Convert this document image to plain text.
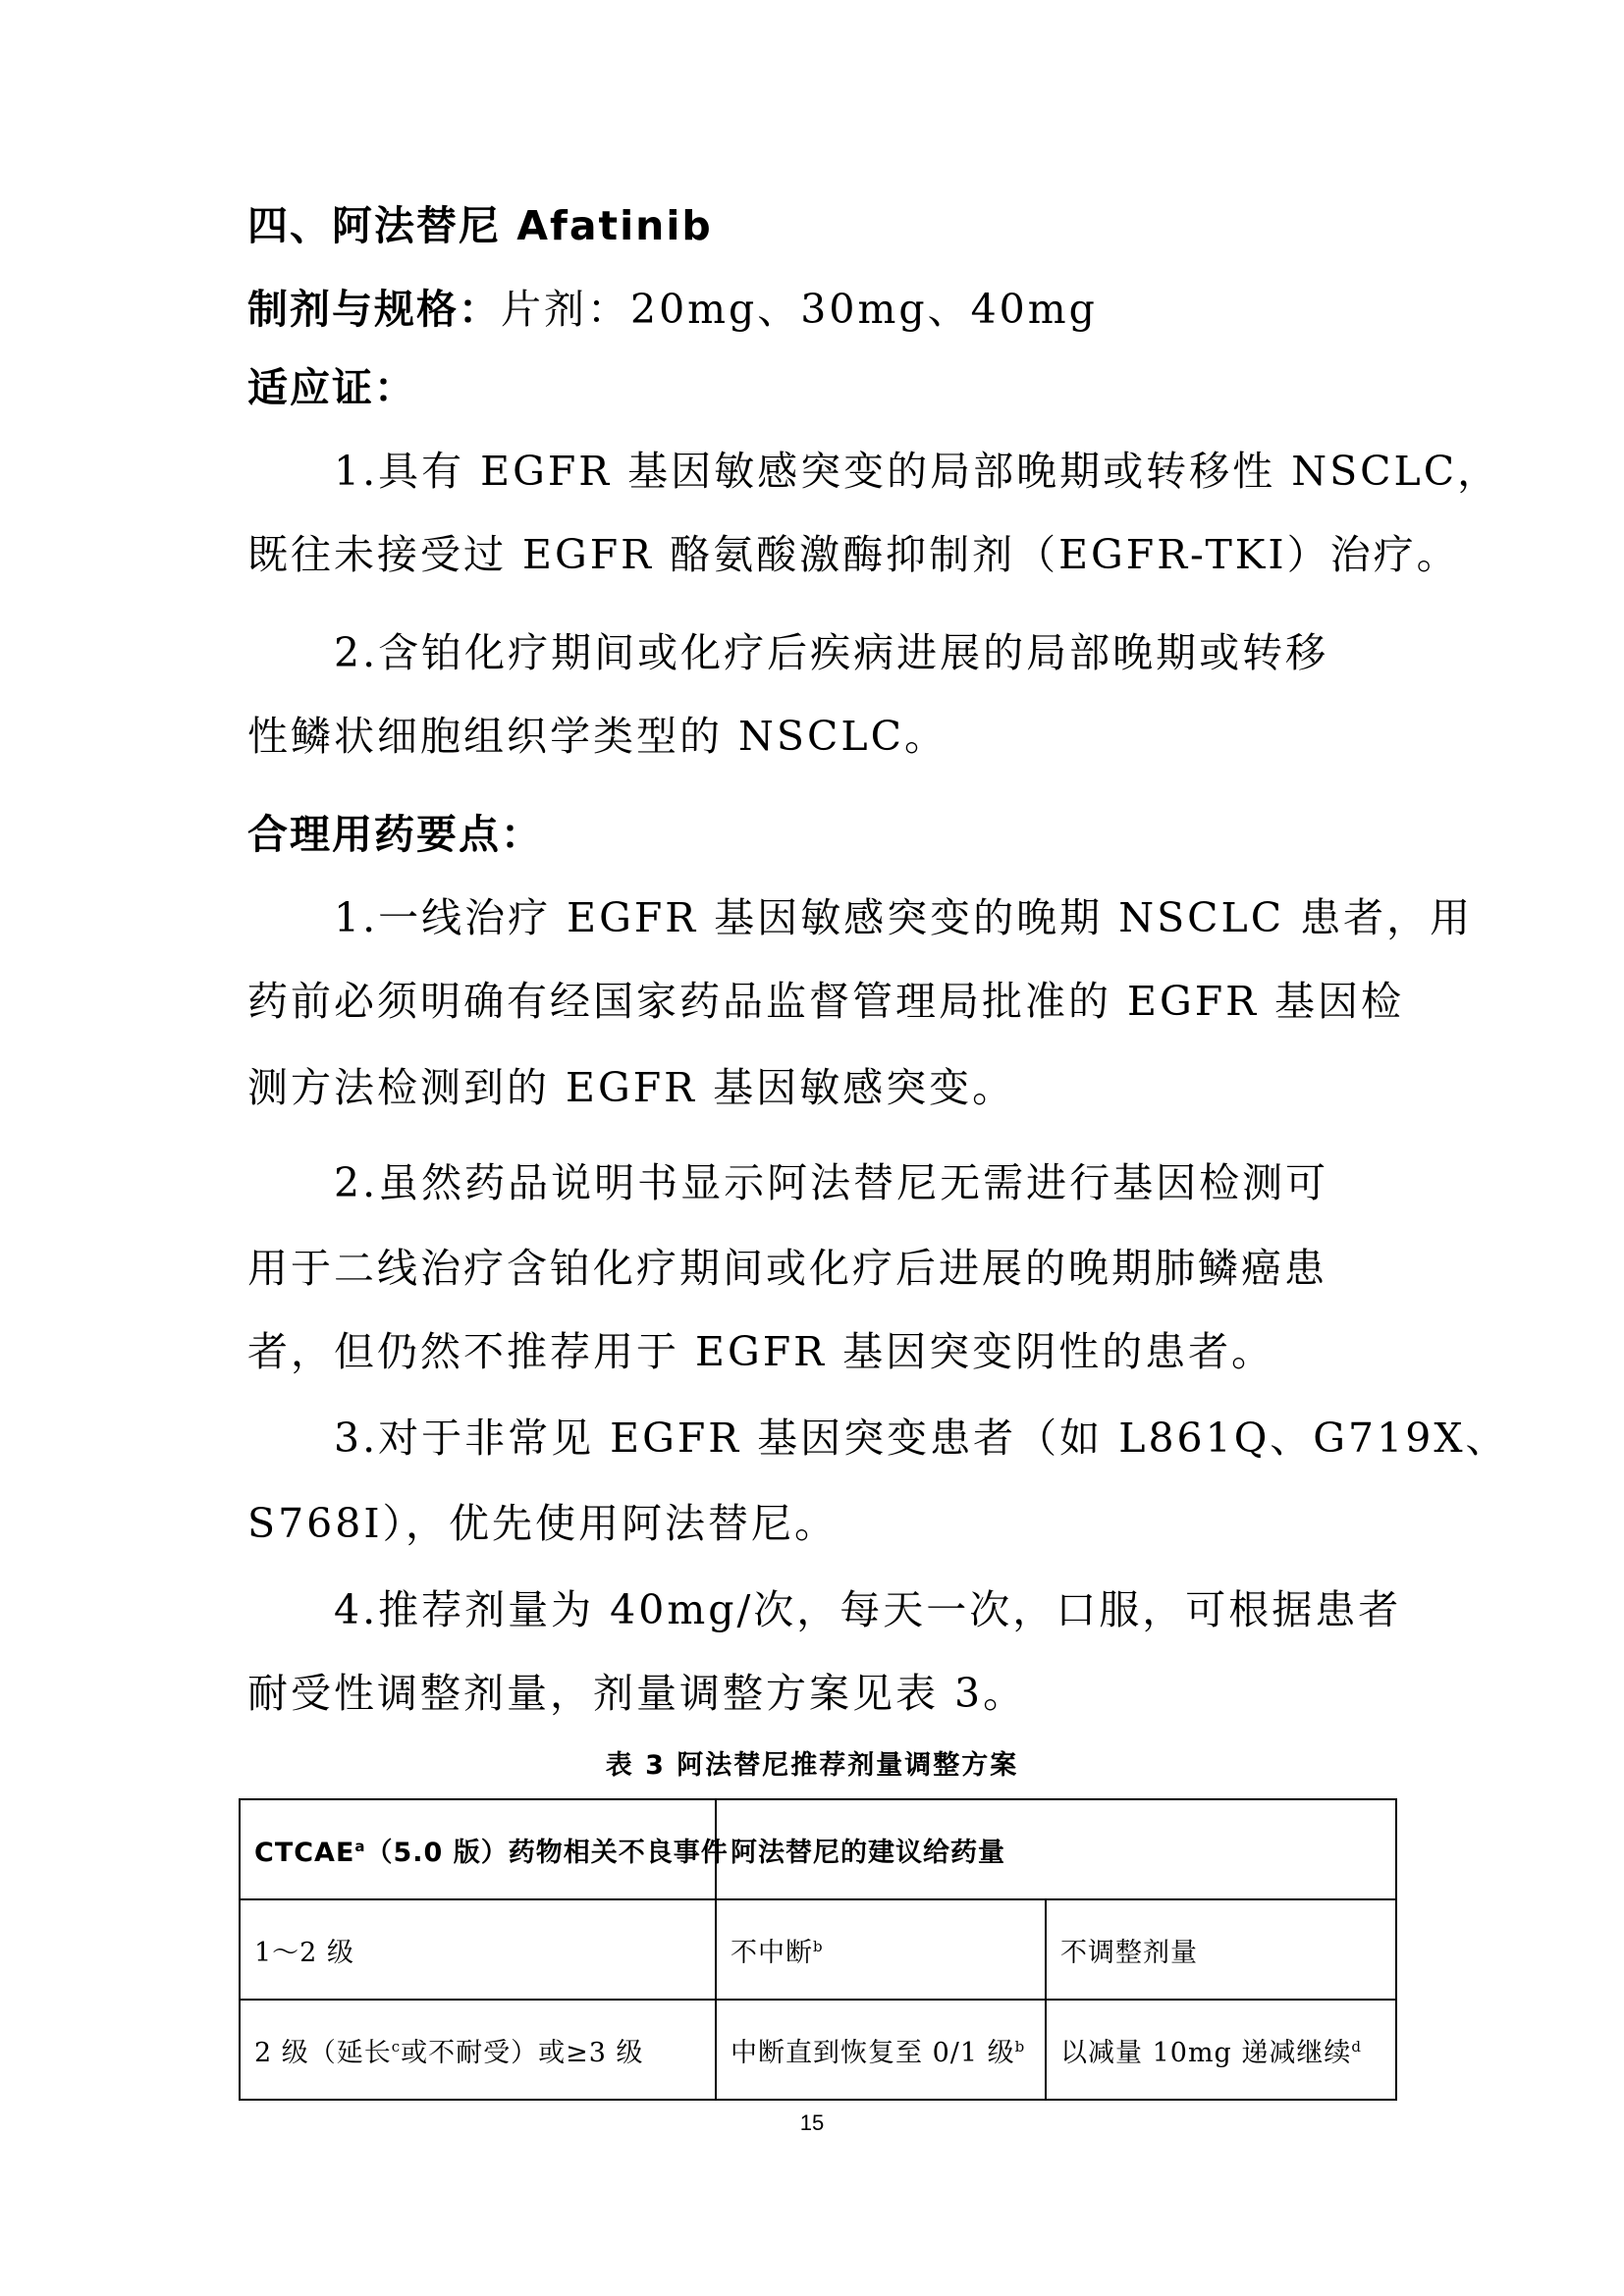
四、阿法替尼 Afatinib
制剂与规格：片剂：20mg、30mg、40mg
适应证：
1.具有 EGFR 基因敏感突变的局部晚期或转移性 NSCLC，
既往未接受过 EGFR 酪氨酸激酶抑制剂（EGFR-TKI）治疗。
2.含铂化疗期间或化疗后疾病进展的局部晚期或转移
性鳞状细胞组织学类型的 NSCLC。
合理用药要点：
1.一线治疗 EGFR 基因敏感突变的晚期 NSCLC 患者，用
药前必须明确有经国家药品监督管理局批准的 EGFR 基因检
测方法检测到的 EGFR 基因敏感突变。
2.虽然药品说明书显示阿法替尼无需进行基因检测可
用于二线治疗含铂化疗期间或化疗后进展的晚期肺鳞癌患
者，但仍然不推荐用于 EGFR 基因突变阴性的患者。
3.对于非常见 EGFR 基因突变患者（如 L861Q、G719X、
S768I），优先使用阿法替尼。
4.推荐剂量为 40mg/次，每天一次，口服，可根据患者
耐受性调整剂量，剂量调整方案见表 3。
表 3 阿法替尼推荐剂量调整方案
CTCAE$^a$（5.0 版）药物相关不良事件	阿法替尼的建议给药量	
1～2 级	不中断$^b$	不调整剂量
2 级（延长$^c$或不耐受）或≥3 级	中断直到恢复至 0/1 级$^b$	以减量 10mg 递减继续$^d$
15
